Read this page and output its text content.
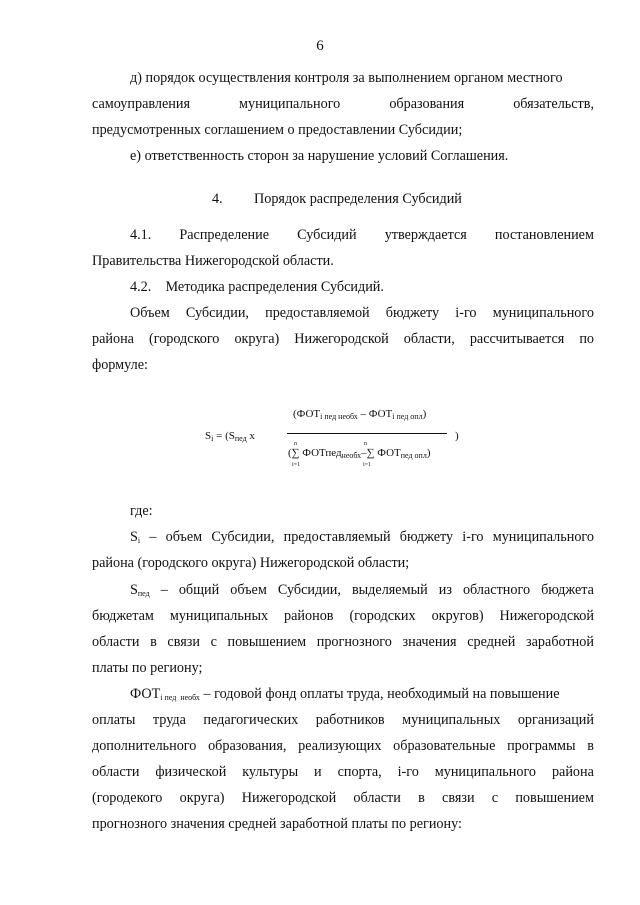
6
д) порядок осуществления контроля за выполнением органом местного
самоуправления	муниципального	образования	обязательств,
предусмотренных соглашением о предоставлении Субсидии;
е) ответственность сторон за нарушение условий Соглашения.
4. Порядок распределения Субсидий
4.1. Распределение Субсидий утверждается постановлением
Правительства Нижегородской области.
4.2.    Методика распределения Субсидий.
Объем Субсидии, предоставляемой бюджету i-го муниципального
района (городского округа) Нижегородской области, рассчитывается по
формуле:
$S_i = (S_{пед}$ x
$(ФОТ_{i пед необх} - ФОТ_{i пед опл})$
n	n
(∑ ФОТпед$_{необх}$–∑ $ФОТ_{пед опл}$)
i=1	i=1
)
где:
$S_i$ – объем Субсидии, предоставляемый бюджету i-го муниципального
района (городского округа) Нижегородской области;
$S_{пед}$ – общий объем Субсидии, выделяемый из областного бюджета
бюджетам муниципальных районов (городских округов) Нижегородской
области в связи с повышением прогнозного значения средней заработной
платы по региону;
$ФОТ_{i пед необх}$ – годовой фонд оплаты труда, необходимый на повышение
оплаты труда педагогических работников муниципальных организаций
дополнительного образования, реализующих образовательные программы в
области физической культуры и спорта, i-го муниципального района
(городекого округа) Нижегородской области в связи с повышением
прогнозного значения средней заработной платы по региону:
